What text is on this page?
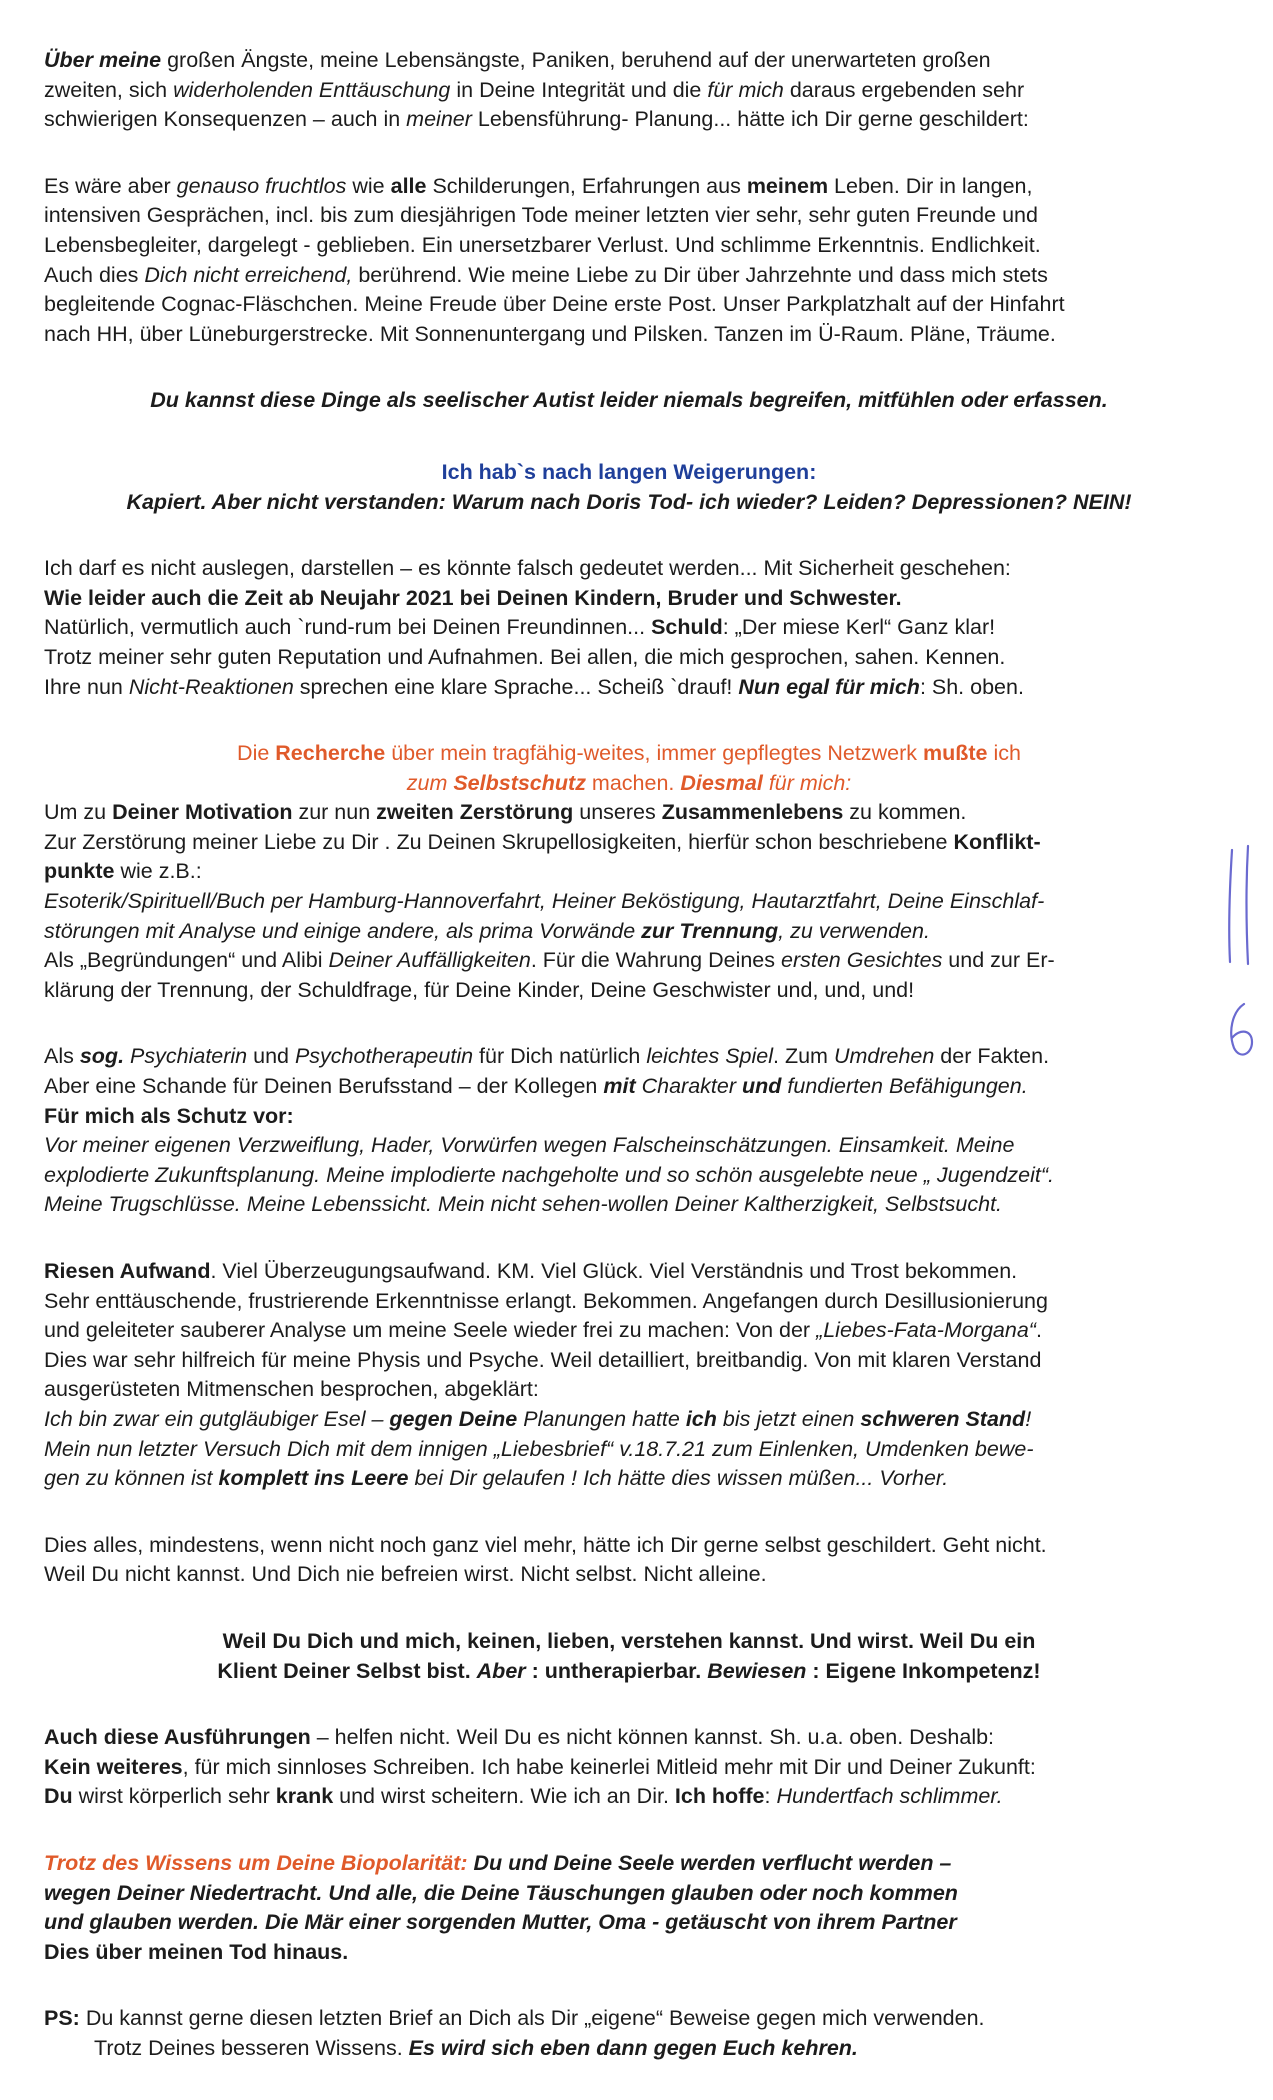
Über meine großen Ängste, meine Lebensängste, Paniken, beruhend auf der unerwarteten großen
zweiten, sich widerholenden Enttäuschung in Deine Integrität und die für mich daraus ergebenden sehr
schwierigen Konsequenzen – auch in meiner Lebensführung- Planung... hätte ich Dir gerne geschildert:
Es wäre aber genauso fruchtlos wie alle Schilderungen, Erfahrungen aus meinem Leben. Dir in langen,
intensiven Gesprächen, incl. bis zum diesjährigen Tode meiner letzten vier sehr, sehr guten Freunde und
Lebensbegleiter, dargelegt - geblieben. Ein unersetzbarer Verlust. Und schlimme Erkenntnis. Endlichkeit.
Auch dies Dich nicht erreichend, berührend. Wie meine Liebe zu Dir über Jahrzehnte und dass mich stets
begleitende Cognac-Fläschchen. Meine Freude über Deine erste Post. Unser Parkplatzhalt auf der Hinfahrt
nach HH, über Lüneburgerstrecke. Mit Sonnenuntergang und Pilsken. Tanzen im Ü-Raum. Pläne, Träume.
Du kannst diese Dinge als seelischer Autist leider niemals begreifen, mitfühlen oder erfassen.
Ich hab`s nach langen Weigerungen:
Kapiert. Aber nicht verstanden: Warum nach Doris Tod- ich wieder? Leiden? Depressionen? NEIN!
Ich darf es nicht auslegen, darstellen – es könnte falsch gedeutet werden... Mit Sicherheit geschehen:
Wie leider auch die Zeit ab Neujahr 2021 bei Deinen Kindern, Bruder und Schwester.
Natürlich, vermutlich auch `rund-rum bei Deinen Freundinnen... Schuld: „Der miese Kerl“ Ganz klar!
Trotz meiner sehr guten Reputation und Aufnahmen. Bei allen, die mich gesprochen, sahen. Kennen.
Ihre nun Nicht-Reaktionen sprechen eine klare Sprache... Scheiß `drauf! Nun egal für mich: Sh. oben.
Die Recherche über mein tragfähig-weites, immer gepflegtes Netzwerk mußte ich
zum Selbstschutz machen. Diesmal für mich:
Um zu Deiner Motivation zur nun zweiten Zerstörung unseres Zusammenlebens zu kommen.
Zur Zerstörung meiner Liebe zu Dir . Zu Deinen Skrupellosigkeiten, hierfür schon beschriebene Konflikt-
punkte wie z.B.:
Esoterik/Spirituell/Buch per Hamburg-Hannoverfahrt, Heiner Beköstigung, Hautarztfahrt, Deine Einschlaf-
störungen mit Analyse und einige andere, als prima Vorwände zur Trennung, zu verwenden.
Als „Begründungen“ und Alibi Deiner Auffälligkeiten. Für die Wahrung Deines ersten Gesichtes und zur Er-
klärung der Trennung, der Schuldfrage, für Deine Kinder, Deine Geschwister und, und, und!
Als sog. Psychiaterin und Psychotherapeutin für Dich natürlich leichtes Spiel. Zum Umdrehen der Fakten.
Aber eine Schande für Deinen Berufsstand – der Kollegen mit Charakter und fundierten Befähigungen.
Für mich als Schutz vor:
Vor meiner eigenen Verzweiflung, Hader, Vorwürfen wegen Falscheinschätzungen. Einsamkeit. Meine
explodierte Zukunftsplanung. Meine implodierte nachgeholte und so schön ausgelebte neue „ Jugendzeit“.
Meine Trugschlüsse. Meine Lebenssicht. Mein nicht sehen-wollen Deiner Kaltherzigkeit, Selbstsucht.
Riesen Aufwand. Viel Überzeugungsaufwand. KM. Viel Glück. Viel Verständnis und Trost bekommen.
Sehr enttäuschende, frustrierende Erkenntnisse erlangt. Bekommen. Angefangen durch Desillusionierung
und geleiteter sauberer Analyse um meine Seele wieder frei zu machen: Von der „Liebes-Fata-Morgana“.
Dies war sehr hilfreich für meine Physis und Psyche. Weil detailliert, breitbandig. Von mit klaren Verstand
ausgerüsteten Mitmenschen besprochen, abgeklärt:
Ich bin zwar ein gutgläubiger Esel – gegen Deine Planungen hatte ich bis jetzt einen schweren Stand!
Mein nun letzter Versuch Dich mit dem innigen „Liebesbrief“ v.18.7.21 zum Einlenken, Umdenken bewe-
gen zu können ist komplett ins Leere bei Dir gelaufen ! Ich hätte dies wissen müßen... Vorher.
Dies alles, mindestens, wenn nicht noch ganz viel mehr, hätte ich Dir gerne selbst geschildert. Geht nicht.
Weil Du nicht kannst. Und Dich nie befreien wirst. Nicht selbst. Nicht alleine.
Weil Du Dich und mich, keinen, lieben, verstehen kannst. Und wirst. Weil Du ein
Klient Deiner Selbst bist. Aber : untherapierbar. Bewiesen : Eigene Inkompetenz!
Auch diese Ausführungen – helfen nicht. Weil Du es nicht können kannst. Sh. u.a. oben. Deshalb:
Kein weiteres, für mich sinnloses Schreiben. Ich habe keinerlei Mitleid mehr mit Dir und Deiner Zukunft:
Du wirst körperlich sehr krank und wirst scheitern. Wie ich an Dir. Ich hoffe: Hundertfach schlimmer.
Trotz des Wissens um Deine Biopolarität: Du und Deine Seele werden verflucht werden –
wegen Deiner Niedertracht. Und alle, die Deine Täuschungen glauben oder noch kommen
und glauben werden. Die Mär einer sorgenden Mutter, Oma - getäuscht von ihrem Partner
Dies über meinen Tod hinaus.
PS: Du kannst gerne diesen letzten Brief an Dich als Dir „eigene“ Beweise gegen mich verwenden.
Trotz Deines besseren Wissens. Es wird sich eben dann gegen Euch kehren.
